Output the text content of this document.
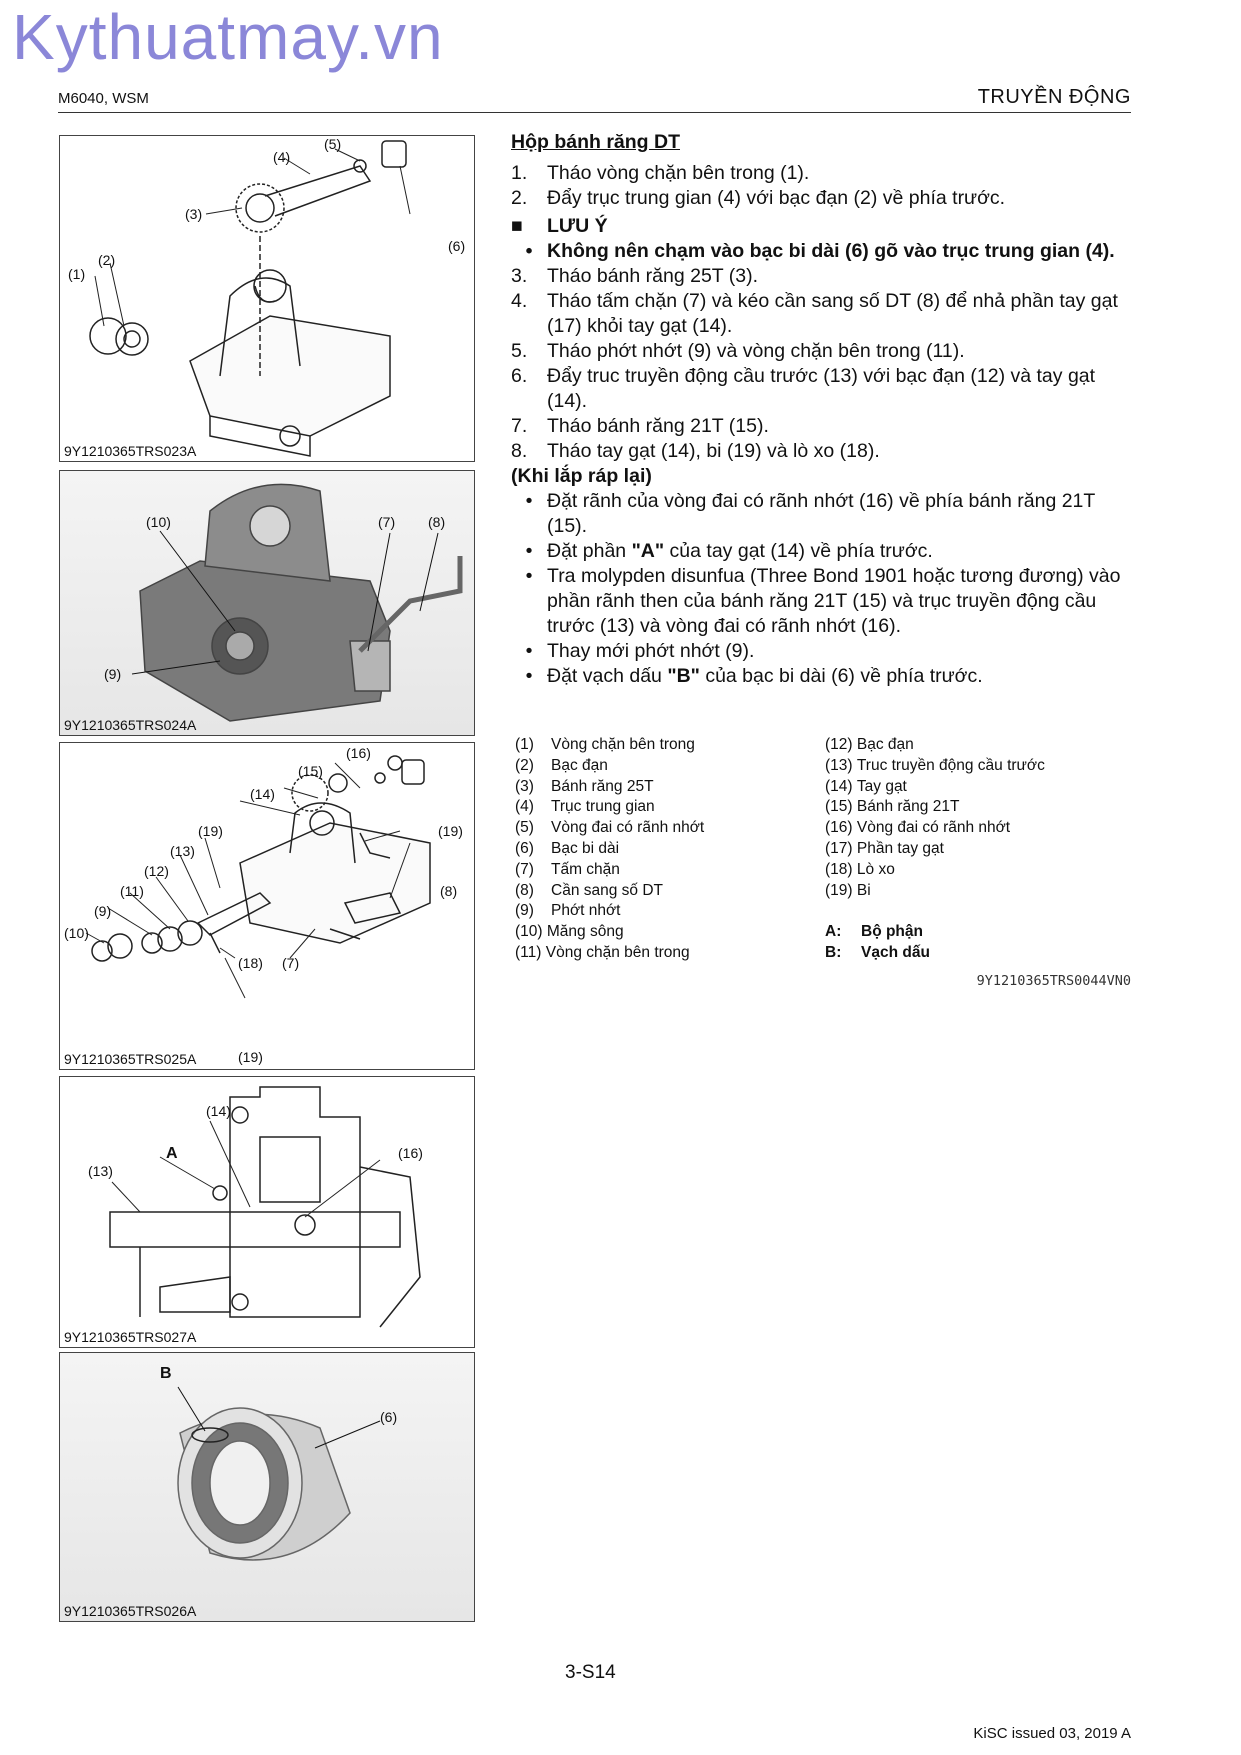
Kythuatmay.vn
M6040, WSM	TRUYỀN ĐỘNG
(1)
(2)
(3)
(4)
(5)
(6)
9Y1210365TRS023A
(10)	(7) (8)
(9)
9Y1210365TRS024A
(16)
(15)
(14)
(19)
(19)
(13)
(12)
(11)
(9)
(10)
(8)
(18) (7)
(19)
9Y1210365TRS025A
(14)
A
(13)
(16)
9Y1210365TRS027A
B
(6)
9Y1210365TRS026A
Hộp bánh răng DT
1.	Tháo vòng chặn bên trong (1).
2.	Đẩy trục trung gian (4) với bạc đạn (2) về phía trước.
■	LƯU Ý
• Không nên chạm vào bạc bi dài (6) gõ vào trục trung gian (4).
3.	Tháo bánh răng 25T (3).
4.	Tháo tấm chặn (7) và kéo cần sang số DT (8) để nhả phần tay gạt (17) khỏi tay gạt (14).
5.	Tháo phớt nhớt (9) và vòng chặn bên trong (11).
6.	Đẩy truc truyền động cầu trước (13) với bạc đạn (12) và tay gạt (14).
7.	Tháo bánh răng 21T (15).
8.	Tháo tay gạt (14), bi (19) và lò xo (18).
(Khi lắp ráp lại)
• Đặt rãnh của vòng đai có rãnh nhớt (16) về phía bánh răng 21T (15).
• Đặt phần "A" của tay gạt (14) về phía trước.
• Tra molypden disunfua (Three Bond 1901 hoặc tương đương) vào phần rãnh then của bánh răng 21T (15) và trục truyền động cầu trước (13) và vòng đai có rãnh nhớt (16).
• Thay mới phớt nhớt (9).
• Đặt vạch dấu "B" của bạc bi dài (6) về phía trước.
(1)	Vòng chặn bên trong
(2)	Bạc đạn
(3)	Bánh răng 25T
(4)	Trục trung gian
(5)	Vòng đai có rãnh nhớt
(6)	Bạc bi dài
(7)	Tấm chặn
(8)	Cần sang số DT
(9)	Phớt nhớt
(10)
Măng sông
(11)
Vòng chặn bên trong
(12)
Bạc đạn
(13)
Truc truyền động cầu trước
(14)
Tay gạt
(15)
Bánh răng 21T
(16)
Vòng đai có rãnh nhớt
(17)
Phần tay gạt
(18)
Lò xo
(19)
Bi

A:	Bộ phận
B:	Vạch dấu
9Y1210365TRS0044VN0
3-S14
KiSC issued 03, 2019 A
